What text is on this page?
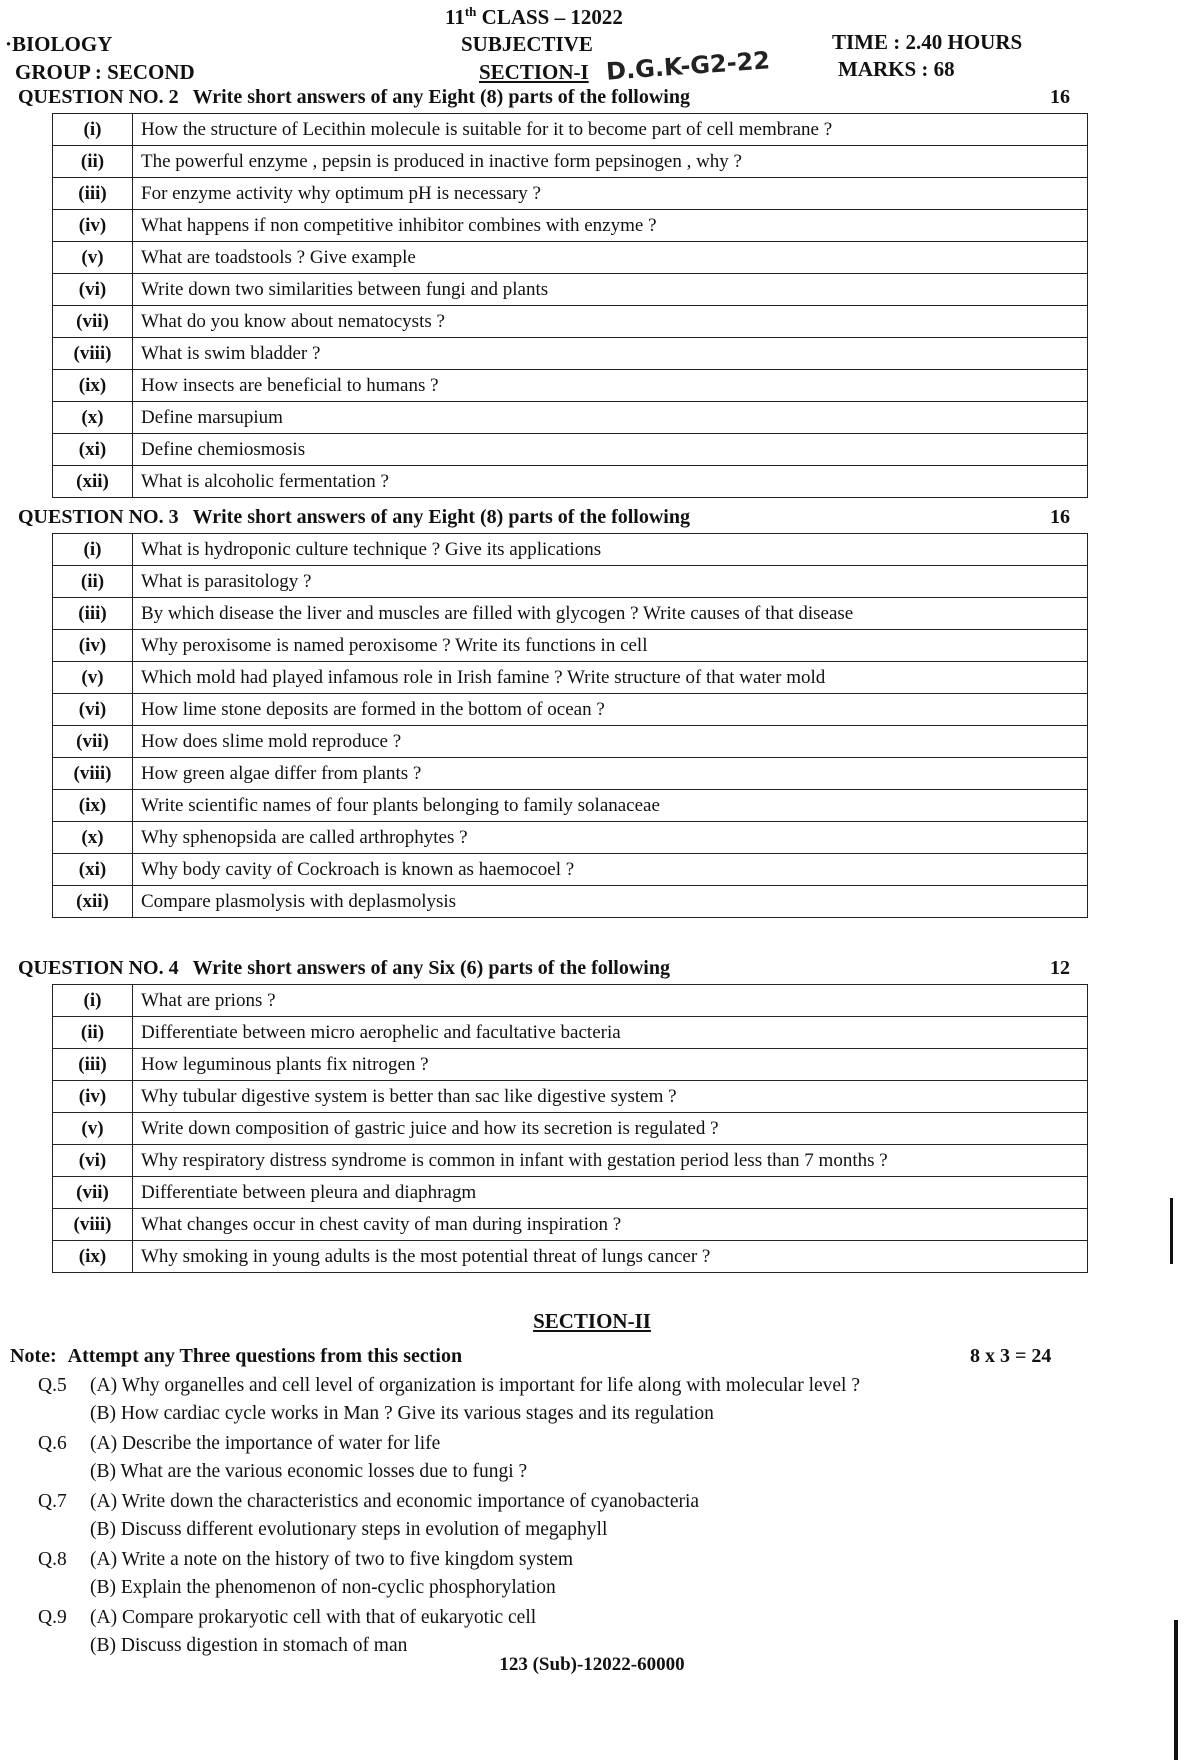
11th CLASS – 12022
·BIOLOGY	SUBJECTIVE	TIME : 2.40 HOURS
GROUP : SECOND	SECTION-I	MARKS : 68
D.G.K-G2-22
QUESTION NO. 2 Write short answers of any Eight (8) parts of the following	16
(i)	How the structure of Lecithin molecule is suitable for it to become part of cell membrane ?
(ii)	The powerful enzyme , pepsin is produced in inactive form pepsinogen , why ?
(iii)	For enzyme activity why optimum pH is necessary ?
(iv)	What happens if non competitive inhibitor combines with enzyme ?
(v)	What are toadstools ? Give example
(vi)	Write down two similarities between fungi and plants
(vii)	What do you know about nematocysts ?
(viii)	What is swim bladder ?
(ix)	How insects are beneficial to humans ?
(x)	Define marsupium
(xi)	Define chemiosmosis
(xii)	What is alcoholic fermentation ?
QUESTION NO. 3 Write short answers of any Eight (8) parts of the following	16
(i)	What is hydroponic culture technique ? Give its applications
(ii)	What is parasitology ?
(iii)	By which disease the liver and muscles are filled with glycogen ? Write causes of that disease
(iv)	Why peroxisome is named peroxisome ? Write its functions in cell
(v)	Which mold had played infamous role in Irish famine ? Write structure of that water mold
(vi)	How lime stone deposits are formed in the bottom of ocean ?
(vii)	How does slime mold reproduce ?
(viii)	How green algae differ from plants ?
(ix)	Write scientific names of four plants belonging to family solanaceae
(x)	Why sphenopsida are called arthrophytes ?
(xi)	Why body cavity of Cockroach is known as haemocoel ?
(xii)	Compare plasmolysis with deplasmolysis
QUESTION NO. 4 Write short answers of any Six (6) parts of the following	12
(i)	What are prions ?
(ii)	Differentiate between micro aerophelic and facultative bacteria
(iii)	How leguminous plants fix nitrogen ?
(iv)	Why tubular digestive system is better than sac like digestive system ?
(v)	Write down composition of gastric juice and how its secretion is regulated ?
(vi)	Why respiratory distress syndrome is common in infant with gestation period less than 7 months ?
(vii)	Differentiate between pleura and diaphragm
(viii)	What changes occur in chest cavity of man during inspiration ?
(ix)	Why smoking in young adults is the most potential threat of lungs cancer ?
SECTION-II
Note: Attempt any Three questions from this section	8 x 3 = 24
Q.5 (A) Why organelles and cell level of organization is important for life along with molecular level ?
(B) How cardiac cycle works in Man ? Give its various stages and its regulation
Q.6 (A) Describe the importance of water for life
(B) What are the various economic losses due to fungi ?
Q.7 (A) Write down the characteristics and economic importance of cyanobacteria
(B) Discuss different evolutionary steps in evolution of megaphyll
Q.8 (A) Write a note on the history of two to five kingdom system
(B) Explain the phenomenon of non-cyclic phosphorylation
Q.9 (A) Compare prokaryotic cell with that of eukaryotic cell
(B) Discuss digestion in stomach of man
123 (Sub)-12022-60000
